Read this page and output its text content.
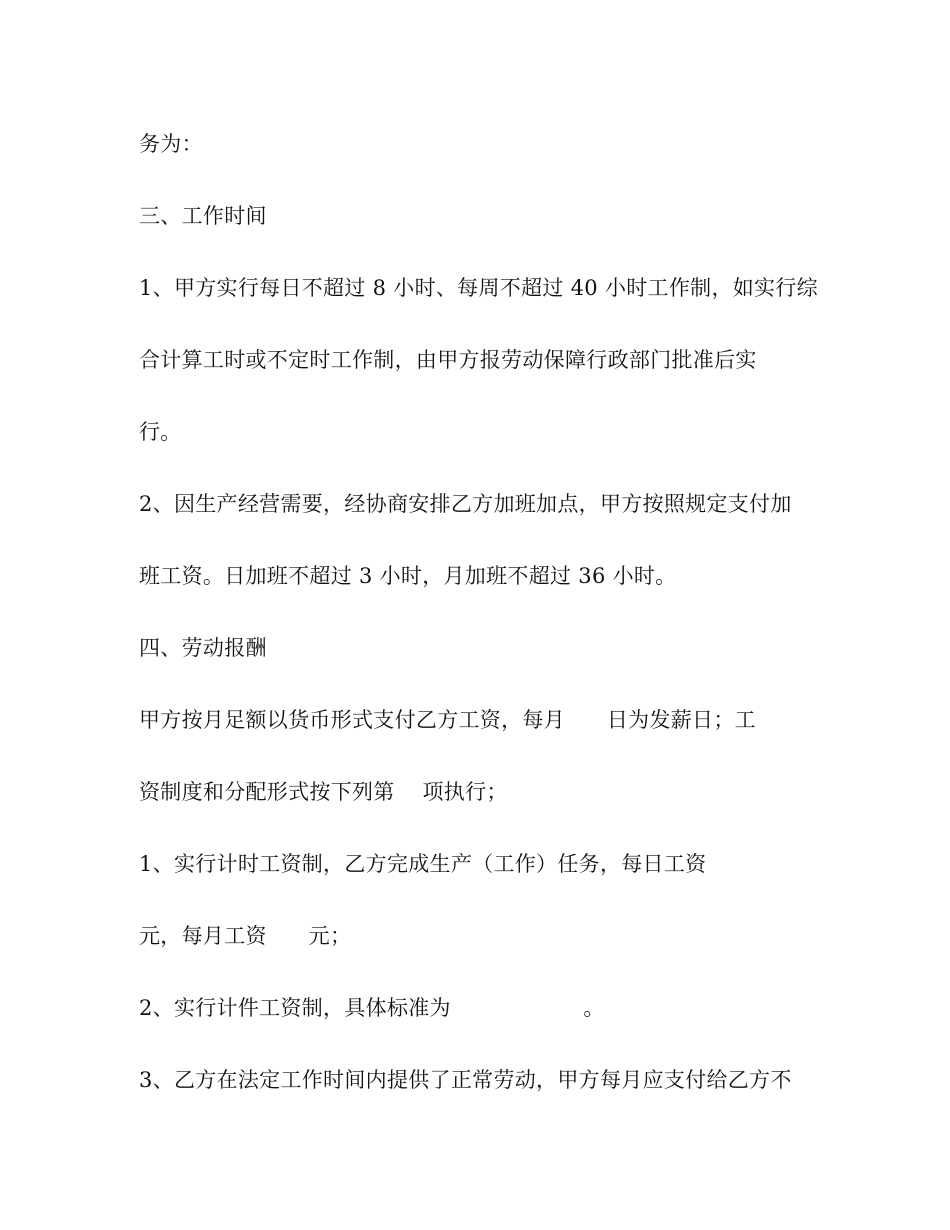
务为：
三、工作时间
1、甲方实行每日不超过 8 小时、每周不超过 40 小时工作制，如实行综
合计算工时或不定时工作制，由甲方报劳动保障行政部门批准后实
行。
2、因生产经营需要，经协商安排乙方加班加点，甲方按照规定支付加
班工资。日加班不超过 3 小时，月加班不超过 36 小时。
四、劳动报酬
甲方按月足额以货币形式支付乙方工资，每月      日为发薪日；工
资制度和分配形式按下列第    项执行；
1、实行计时工资制，乙方完成生产（工作）任务，每日工资
元，每月工资      元；
2、实行计件工资制，具体标准为                   。
3、乙方在法定工作时间内提供了正常劳动，甲方每月应支付给乙方不
